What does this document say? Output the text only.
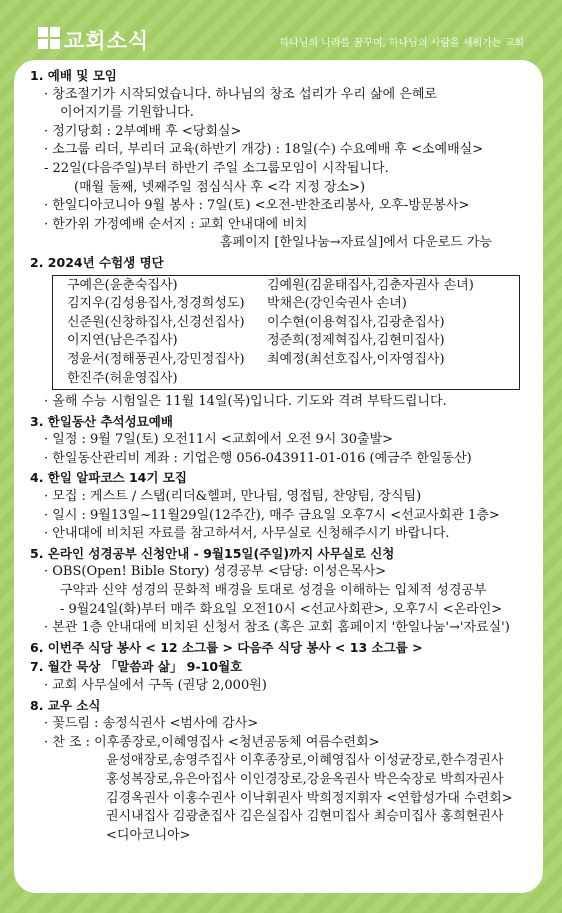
교회소식	하나님의 나라를 꿈꾸며, 하나님의 사람을 세워가는 교회
1. 예배 및 모임
· 창조절기가 시작되었습니다. 하나님의 창조 섭리가 우리 삶에 은혜로
이어지기를 기원합니다.
· 정기당회 : 2부예배 후 <당회실>
· 소그룹 리더, 부리더 교육(하반기 개강) : 18일(수) 수요예배 후 <소예배실>
- 22일(다음주일)부터 하반기 주일 소그룹모임이 시작됩니다.
(매월 둘째, 넷째주일 점심식사 후 <각 지정 장소>)
· 한일디아코니아 9월 봉사 : 7일(토) <오전-반찬조리봉사, 오후-방문봉사>
· 한가위 가정예배 순서지 : 교회 안내대에 비치
홈페이지 [한일나눔→자료실]에서 다운로드 가능
2. 2024년 수험생 명단
구예은(윤춘숙집사)	김예원(김윤태집사,김춘자권사 손녀)
김지우(김성용집사,정경희성도)	박채은(강인숙권사 손녀)
신준원(신창하집사,신경선집사)	이수현(이용혁집사,김광춘집사)
이지연(남은주집사)	정준희(정제혁집사,김현미집사)
정윤서(정해풍권사,강민정집사)	최예정(최선호집사,이자영집사)
한진주(허윤영집사)
· 올해 수능 시험일은 11월 14일(목)입니다. 기도와 격려 부탁드립니다.
3. 한일동산 추석성묘예배
· 일정 : 9월 7일(토) 오전11시 <교회에서 오전 9시 30출발>
· 한일동산관리비 계좌 : 기업은행 056-043911-01-016 (예금주 한일동산)
4. 한일 알파코스 14기 모집
· 모집 : 게스트 / 스탭(리더&헬퍼, 만나팀, 영접팀, 찬양팀, 장식팀)
· 일시 : 9월13일~11월29일(12주간), 매주 금요일 오후7시 <선교사회관 1층>
· 안내대에 비치된 자료를 참고하셔서, 사무실로 신청해주시기 바랍니다.
5. 온라인 성경공부 신청안내 - 9월15일(주일)까지 사무실로 신청
· OBS(Open! Bible Story) 성경공부 <담당: 이성은목사>
구약과 신약 성경의 문화적 배경을 토대로 성경을 이해하는 입체적 성경공부
- 9월24일(화)부터 매주 화요일 오전10시 <선교사회관>, 오후7시 <온라인>
· 본관 1층 안내대에 비치된 신청서 참조 (혹은 교회 홈페이지 '한일나눔'→'자료실')
6. 이번주 식당 봉사 < 12 소그룹 > 다음주 식당 봉사 < 13 소그룹 >
7. 월간 묵상 「말씀과 삶」 9-10월호
· 교회 사무실에서 구독 (권당 2,000원)
8. 교우 소식
· 꽃드림 : 송정식권사 <범사에 감사>
· 찬 조 : 이후종장로,이혜영집사 <청년공동체 여름수련회>
윤성애장로,송영주집사 이후종장로,이혜영집사 이성균장로,한수경권사
홍성복장로,유은아집사 이인경장로,강윤옥권사 박은숙장로 박희자권사
김경옥권사 이홍수권사 이낙휘권사 박희정지휘자 <연합성가대 수련회>
권시내집사 김광춘집사 김은실집사 김현미집사 최승미집사 홍희현권사
<디아코니아>
제작 그레뉴 02)272-4667, 2265-2420 www.gntoim.co.kr
